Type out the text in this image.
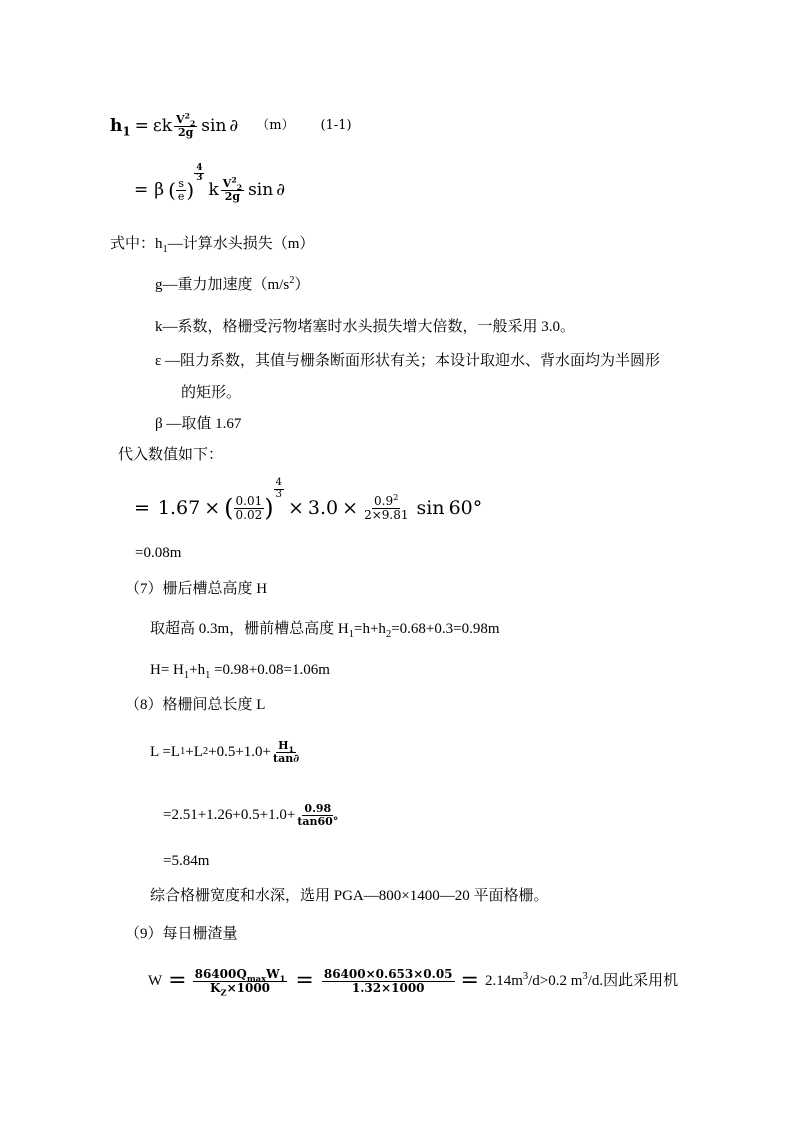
$h_1 = \varepsilon$ k $\frac{V^2_2}{2g}$ sin ∂ （m） (1-1)
= β ( $\frac{s}{e}$ )
$\frac{4}{3}$
k $\frac{V^2_2}{2g}$ sin ∂
式中：$h_1—$计算水头损失（m）
g—重力加速度$(m/s^2)$
k—系数，格栅受污物堵塞时水头损失增大倍数，一般采用 3.0。
ε —阻力系数，其值与栅条断面形状有关；本设计取迎水、背水面均为半圆形
的矩形。
β —取值 1.67
代入数值如下：
= 1.67 × ( $\frac{0.01}{0.02}$ )
$\frac{4}{3}$
× $3.0 \times \frac{0.9^2}{2\times 9.81}$ sin 60°
=0.08m
（7）栅后槽总高度 H
取超高 0.3m，栅前槽总高度 $H_1=h+h_2=0.68+0.3=0.98m$
$H= H_1+h_1 =0.98+0.08=1.06m$
（8）格栅间总长度 L
L =L 1 +L $2 +0.5+1.0+ \frac{H_1}{\tan\partial}$
$=2.51+1.26+0.5+1.0+ \frac{0.98}{\tan 60^\circ}$
=5.84m
综合格栅宽度和水深，选用 PGA—800×1400—20 平面格栅。
（9）每日栅渣量
$W = \frac{86400Q_{max}W_1}{K_Z\times 1000} = \frac{86400\times 0.653\times 0.05}{1.32\times 1000} = 2.14m^3/d>0.2$ $m^3/d$.因此采用机
